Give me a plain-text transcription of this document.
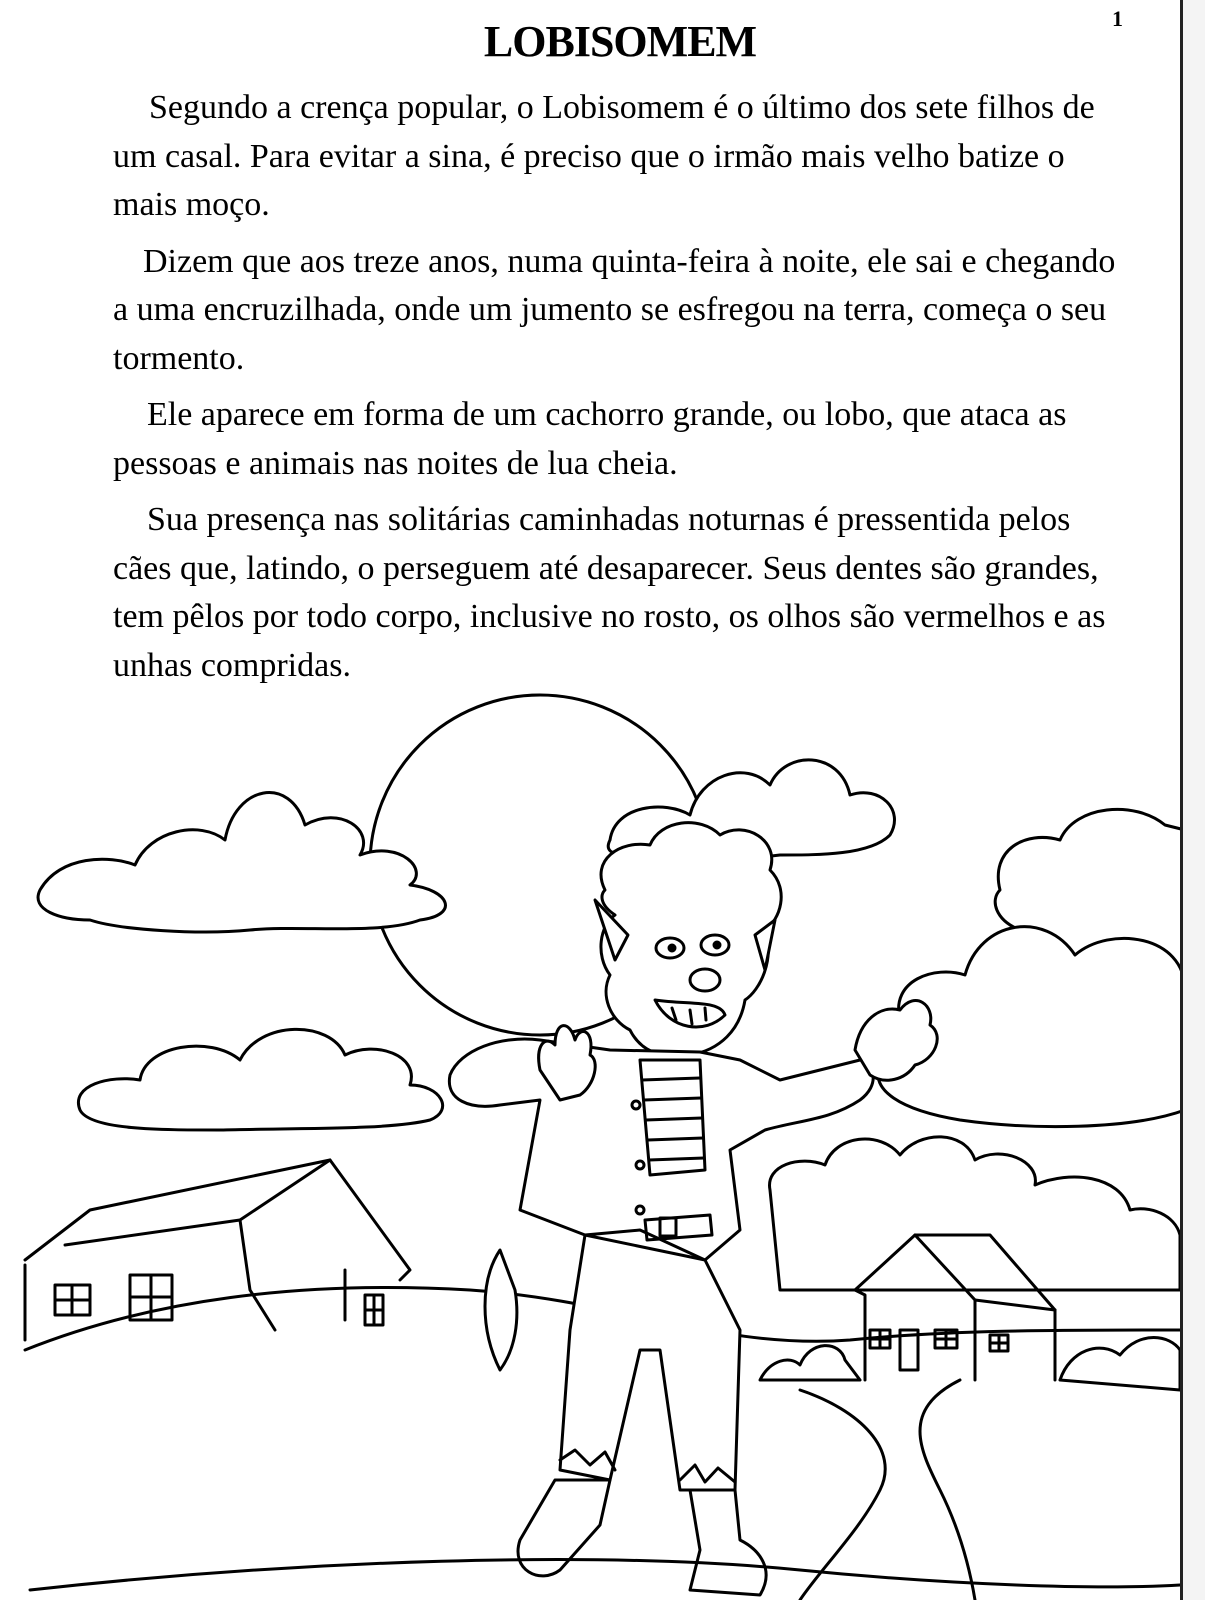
1
LOBISOMEM

Segundo a crença popular, o Lobisomem é o último dos sete filhos de um casal. Para evitar a sina, é preciso que o irmão mais velho batize o mais moço.

Dizem que aos treze anos, numa quinta-feira à noite, ele sai e chegando a uma encruzilhada, onde um jumento se esfregou na terra, começa o seu tormento.

Ele aparece em forma de um cachorro grande, ou lobo, que ataca as pessoas e animais nas noites de lua cheia.

Sua presença nas solitárias caminhadas noturnas é pressentida pelos cães que, latindo, o perseguem até desaparecer. Seus dentes são grandes, tem pêlos por todo corpo, inclusive no rosto, os olhos são vermelhos e as unhas compridas.
